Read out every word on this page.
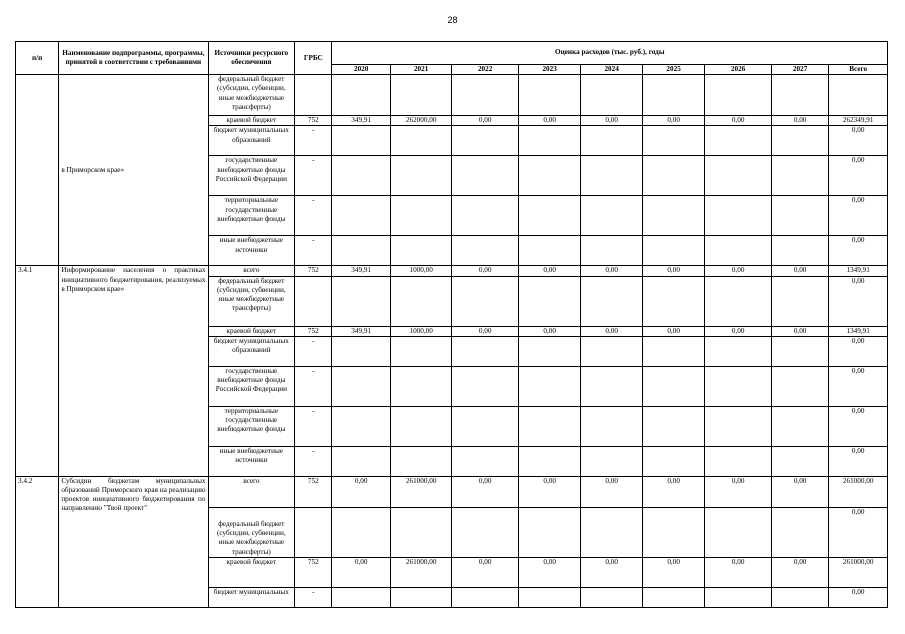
28
п/п	Наименование подпрограммы, программы, принятой в соответствии с требованиями	Источники ресурсного обеспечения	ГРБС	Оценка расходов (тыс. руб.), годы								
				2020	2021	2022	2023	2024	2025	2026	2027	Всего
	в Приморском крае»	федеральный бюджет (субсидии, субвенции, иные межбюджетные трансферты)										
		краевой бюджет	752	349,91	262000,00	0,00	0,00	0,00	0,00	0,00	0,00	262349,91
		бюджет муниципальных образований	-									0,00
		государственные внебюджетные фонды Российской Федерации	-									0,00
		территориальные государственные внебюджетные фонды	-									0,00
		иные внебюджетные источники	-									0,00
3.4.1	Информирование населения о практиках инициативного бюджетирования, реализуемых в Приморском крае»	всего	752	349,91	1000,00	0,00	0,00	0,00	0,00	0,00	0,00	1349,91
		федеральный бюджет (субсидии, субвенции, иные межбюджетные трансферты)										0,00
		краевой бюджет	752	349,91	1000,00	0,00	0,00	0,00	0,00	0,00	0,00	1349,91
		бюджет муниципальных образований	-									0,00
		государственные внебюджетные фонды Российской Федерации	-									0,00
		территориальные государственные внебюджетные фонды	-									0,00
		иные внебюджетные источники	-									0,00
3.4.2	Субсидии бюджетам муниципальных образований Приморского края на реализацию проектов инициативного бюджетирования по направлению "Твой проект"	всего	752	0,00	261000,00	0,00	0,00	0,00	0,00	0,00	0,00	261000,00
		федеральный бюджет (субсидии, субвенции, иные межбюджетные трансферты)										0,00
		краевой бюджет	752	0,00	261000,00	0,00	0,00	0,00	0,00	0,00	0,00	261000,00
		бюджет муниципальных	-									0,00
